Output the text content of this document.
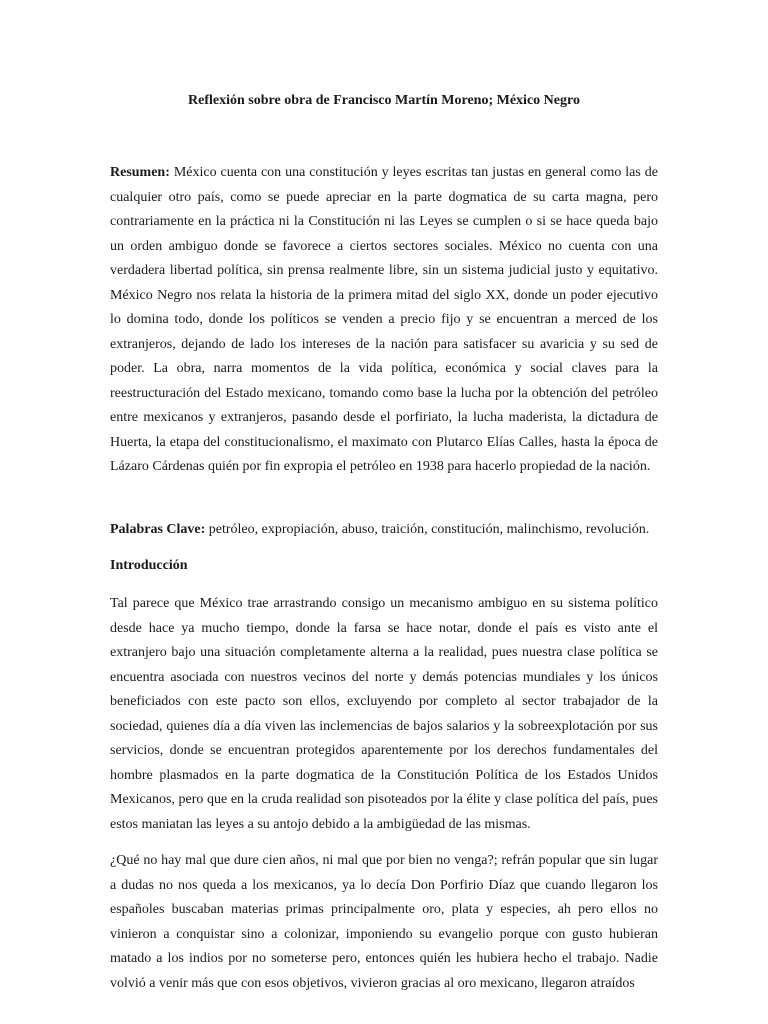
Reflexión sobre obra de Francisco Martín Moreno; México Negro

Resumen: México cuenta con una constitución y leyes escritas tan justas en general como las de cualquier otro país, como se puede apreciar en la parte dogmatica de su carta magna, pero contrariamente en la práctica ni la Constitución ni las Leyes se cumplen o si se hace queda bajo un orden ambiguo donde se favorece a ciertos sectores sociales. México no cuenta con una verdadera libertad política, sin prensa realmente libre, sin un sistema judicial justo y equitativo. México Negro nos relata la historia de la primera mitad del siglo XX, donde un poder ejecutivo lo domina todo, donde los políticos se venden a precio fijo y se encuentran a merced de los extranjeros, dejando de lado los intereses de la nación para satisfacer su avaricia y su sed de poder. La obra, narra momentos de la vida política, económica y social claves para la reestructuración del Estado mexicano, tomando como base la lucha por la obtención del petróleo entre mexicanos y extranjeros, pasando desde el porfiriato, la lucha maderista, la dictadura de Huerta, la etapa del constitucionalismo, el maximato con Plutarco Elías Calles, hasta la época de Lázaro Cárdenas quién por fin expropia el petróleo en 1938 para hacerlo propiedad de la nación.

Palabras Clave: petróleo, expropiación, abuso, traición, constitución, malinchismo, revolución.

Introducción

Tal parece que México trae arrastrando consigo un mecanismo ambiguo en su sistema político desde hace ya mucho tiempo, donde la farsa se hace notar, donde el país es visto ante el extranjero bajo una situación completamente alterna a la realidad, pues nuestra clase política se encuentra asociada con nuestros vecinos del norte y demás potencias mundiales y los únicos beneficiados con este pacto son ellos, excluyendo por completo al sector trabajador de la sociedad, quienes día a día viven las inclemencias de bajos salarios y la sobreexplotación por sus servicios, donde se encuentran protegidos aparentemente por los derechos fundamentales del hombre plasmados en la parte dogmatica de la Constitución Política de los Estados Unidos Mexicanos, pero que en la cruda realidad son pisoteados por la élite y clase política del país, pues estos maniatan las leyes a su antojo debido a la ambigüedad de las mismas.

¿Qué no hay mal que dure cien años, ni mal que por bien no venga?; refrán popular que sin lugar a dudas no nos queda a los mexicanos, ya lo decía Don Porfirio Díaz que cuando llegaron los españoles buscaban materias primas principalmente oro, plata y especies, ah pero ellos no vinieron a conquistar sino a colonizar, imponiendo su evangelio porque con gusto hubieran matado a los indios por no someterse pero, entonces quién les hubiera hecho el trabajo. Nadie volvió a venir más que con esos objetivos, vivieron gracias al oro mexicano, llegaron atraídos
